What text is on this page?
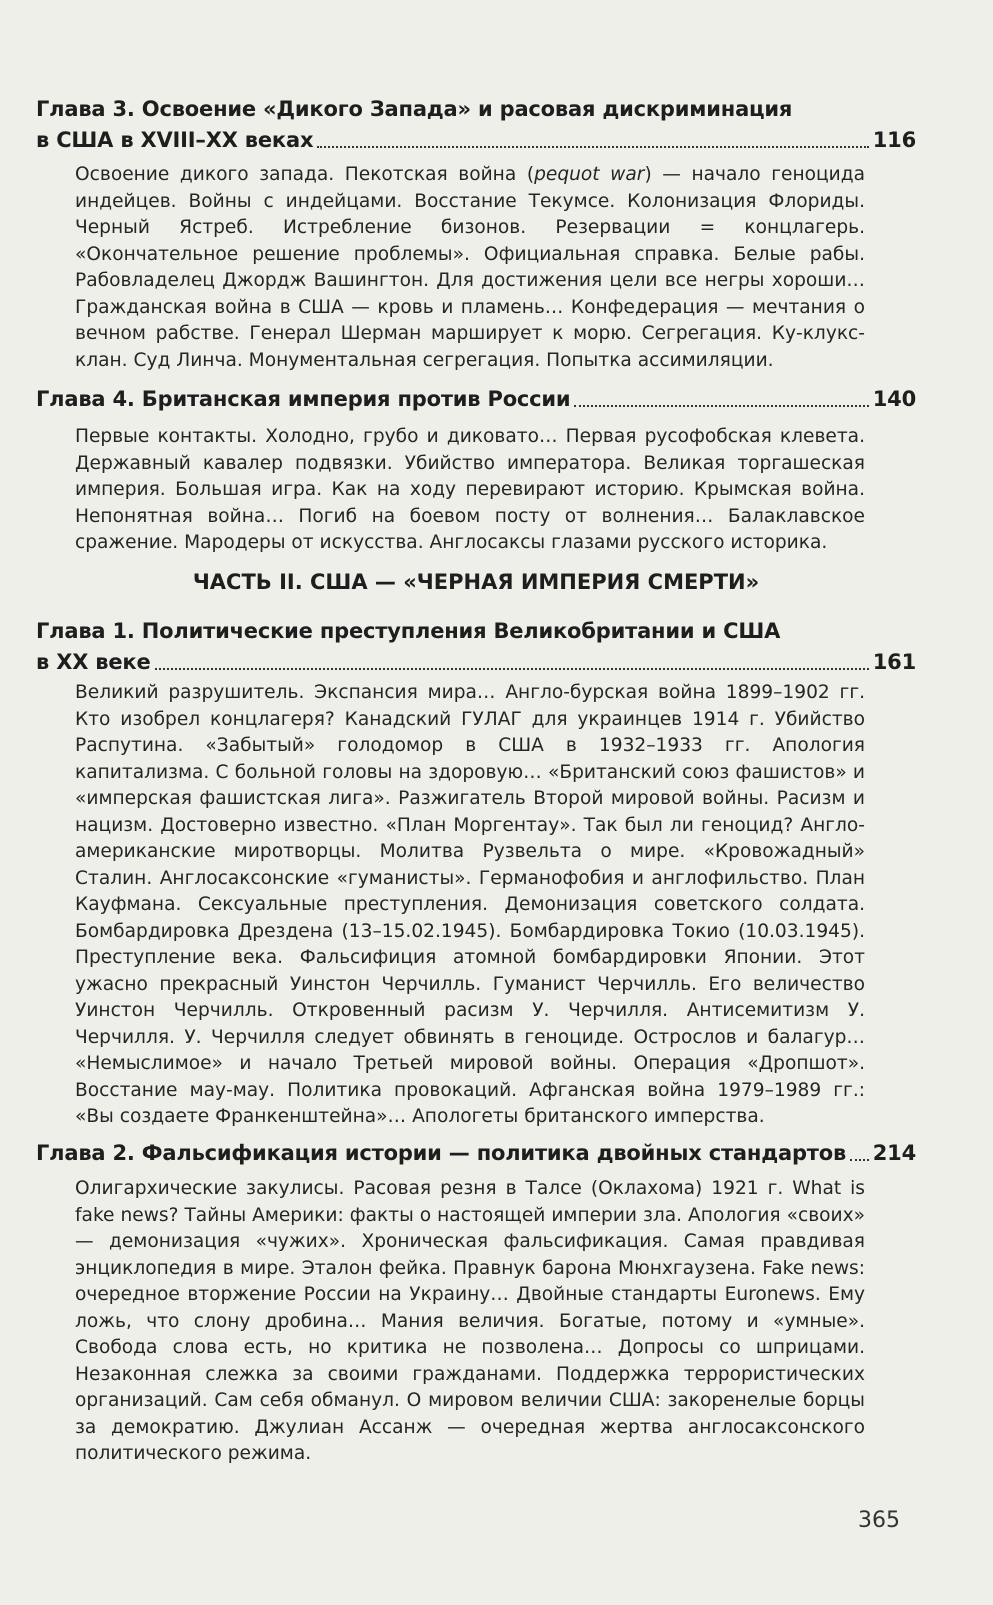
Глава 3. Освоение «Дикого Запада» и расовая дискриминация
в США в XVIII–XX веках	116
Освоение дикого запада. Пекотская война (pequot war) — начало геноцида индейцев. Войны с индейцами. Восстание Текумсе. Колонизация Флориды. Черный Ястреб. Истребление бизонов. Резервации = концлагерь. «Окончательное решение проблемы». Официальная справка. Белые рабы. Рабовладелец Джордж Вашингтон. Для достижения цели все негры хороши… Гражданская война в США — кровь и пламень… Конфедерация — мечтания о вечном рабстве. Генерал Шерман марширует к морю. Сегрегация. Ку-клукс-клан. Суд Линча. Монументальная сегрегация. Попытка ассимиляции.
Глава 4. Британская империя против России	140
Первые контакты. Холодно, грубо и диковато… Первая русофобская клевета. Державный кавалер подвязки. Убийство императора. Великая торгашеская империя. Большая игра. Как на ходу перевирают историю. Крымская война. Непонятная война… Погиб на боевом посту от волнения… Балаклавское сражение. Мародеры от искусства. Англосаксы глазами русского историка.
ЧАСТЬ II. США — «ЧЕРНАЯ ИМПЕРИЯ СМЕРТИ»
Глава 1. Политические преступления Великобритании и США
в XX веке	161
Великий разрушитель. Экспансия мира… Англо-бурская война 1899–1902 гг. Кто изобрел концлагеря? Канадский ГУЛАГ для украинцев 1914 г. Убийство Распутина. «Забытый» голодомор в США в 1932–1933 гг. Апология капитализма. С больной головы на здоровую… «Британский союз фашистов» и «имперская фашистская лига». Разжигатель Второй мировой войны. Расизм и нацизм. Достоверно известно. «План Моргентау». Так был ли геноцид? Англо-американские миротворцы. Молитва Рузвельта о мире. «Кровожадный» Сталин. Англосаксонские «гуманисты». Германофобия и англофильство. План Кауфмана. Сексуальные преступления. Демонизация советского солдата. Бомбардировка Дрездена (13–15.02.1945). Бомбардировка Токио (10.03.1945). Преступление века. Фальсифиция атомной бомбардировки Японии. Этот ужасно прекрасный Уинстон Черчилль. Гуманист Черчилль. Его величество Уинстон Черчилль. Откровенный расизм У. Черчилля. Антисемитизм У. Черчилля. У. Черчилля следует обвинять в геноциде. Острослов и балагур… «Немыслимое» и начало Третьей мировой войны. Операция «Дропшот». Восстание мау-мау. Политика провокаций. Афганская война 1979–1989 гг.: «Вы создаете Франкенштейна»… Апологеты британского имперства.
Глава 2. Фальсификация истории — политика двойных стандартов 214
Олигархические закулисы. Расовая резня в Талсе (Оклахома) 1921 г. What is fake news? Тайны Америки: факты о настоящей империи зла. Апология «своих» — демонизация «чужих». Хроническая фальсификация. Самая правдивая энциклопедия в мире. Эталон фейка. Правнук барона Мюнхгаузена. Fake news: очередное вторжение России на Украину… Двойные стандарты Euronews. Ему ложь, что слону дробина… Мания величия. Богатые, потому и «умные». Свобода слова есть, но критика не позволена… Допросы со шприцами. Незаконная слежка за своими гражданами. Поддержка террористических организаций. Сам себя обманул. О мировом величии США: закоренелые борцы за демократию. Джулиан Ассанж — очередная жертва англосаксонского политического режима.
365
